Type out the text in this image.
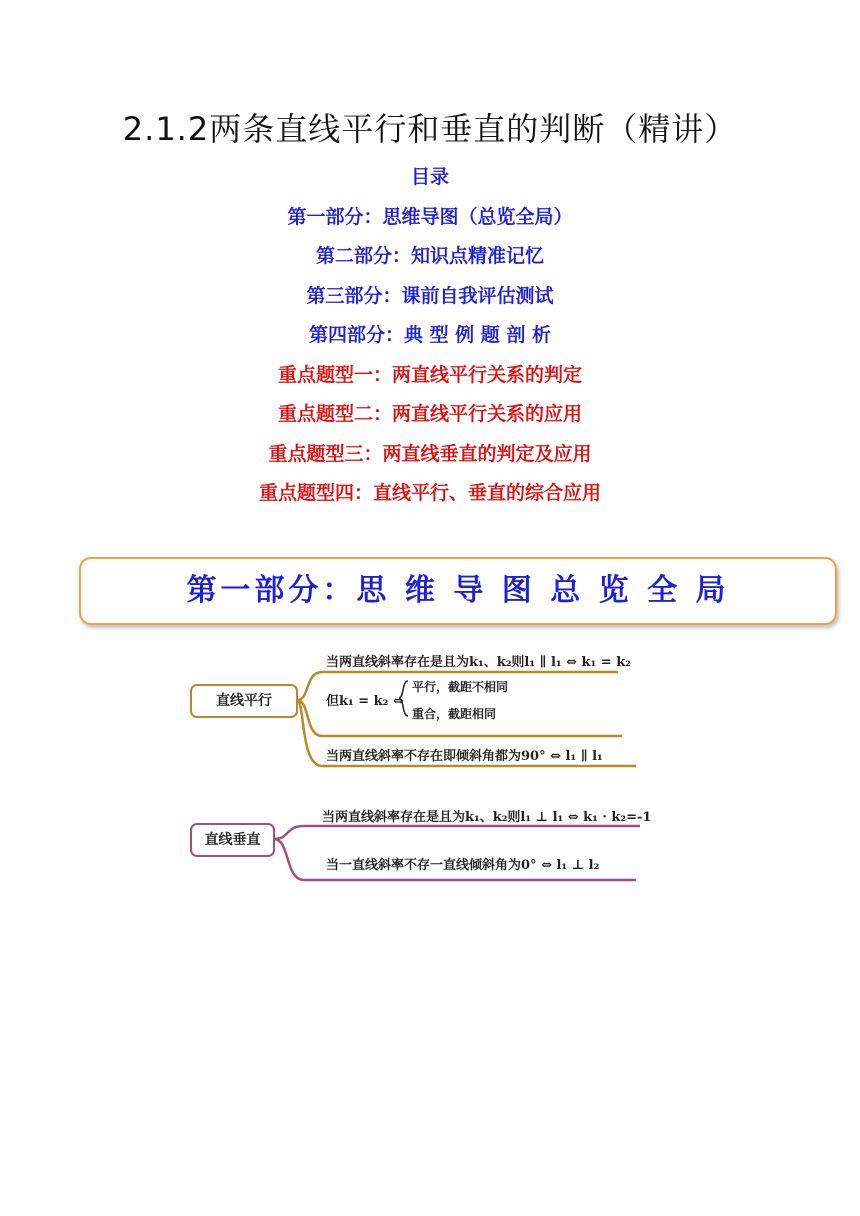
2.1.2两条直线平行和垂直的判断（精讲）
目录
第一部分：思维导图（总览全局）
第二部分：知识点精准记忆
第三部分：课前自我评估测试
第四部分：典 型 例 题 剖 析
重点题型一：两直线平行关系的判定
重点题型二：两直线平行关系的应用
重点题型三：两直线垂直的判定及应用
重点题型四：直线平行、垂直的综合应用
第一部分：思 维 导 图 总 览 全 局
直线平行
当两直线斜率存在是且为k₁、k₂则l₁ ∥ l₁ ⇔ k₁ = k₂
但k₁ = k₂ ⇔
平行，截距不相同
重合，截距相同
当两直线斜率不存在即倾斜角都为90° ⇔ l₁ ∥ l₁
直线垂直
当两直线斜率存在是且为k₁、k₂则l₁ ⊥ l₁ ⇔ k₁ · k₂=-1
当一直线斜率不存一直线倾斜角为0° ⇔ l₁ ⊥ l₂
